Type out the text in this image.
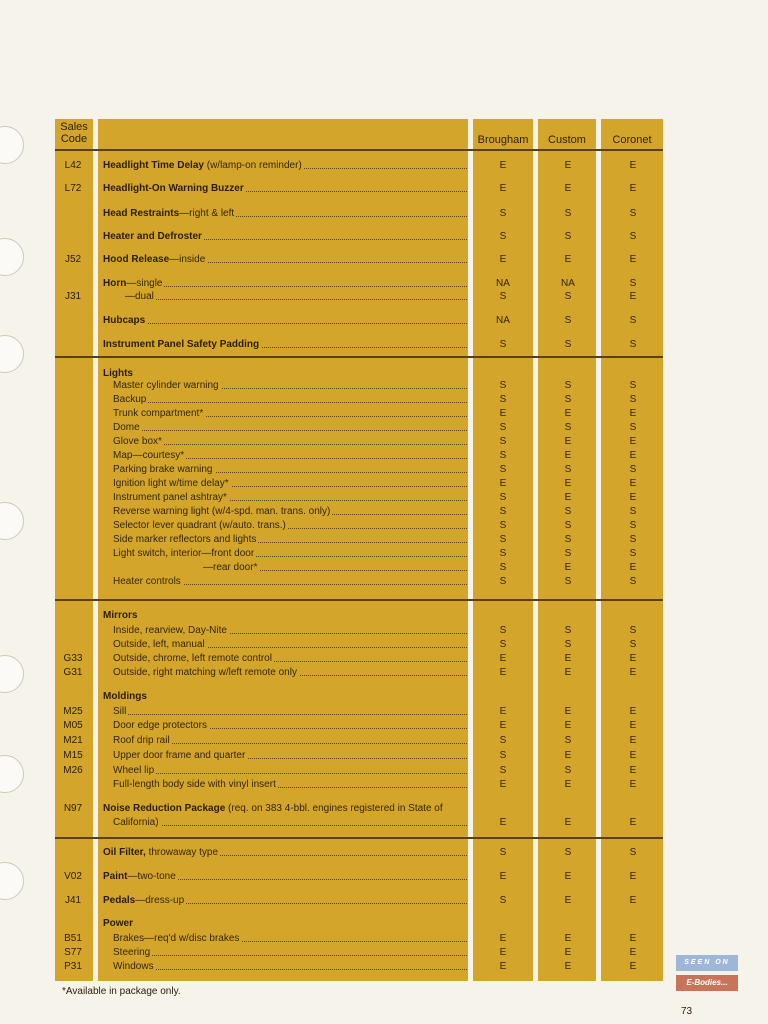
Sales
Code	Brougham	Custom	Coronet
L42	Headlight Time Delay (w/lamp-on reminder)	E	E	E
L72	Headlight-On Warning Buzzer	E	E	E
Head Restraints—right & left	S	S	S
Heater and Defroster	S	S	S
J52	Hood Release—inside	E	E	E
Horn—single	NA	NA	S
J31	—dual	S	S	E
Hubcaps	NA	S	S
Instrument Panel Safety Padding	S	S	S
Lights
Master cylinder warning	S	S	S
Backup	S	S	S
Trunk compartment*	E	E	E
Dome	S	S	S
Glove box*	S	E	E
Map—courtesy*	S	E	E
Parking brake warning	S	S	S
Ignition light w/time delay*	E	E	E
Instrument panel ashtray*	S	E	E
Reverse warning light (w/4-spd. man. trans. only)	S	S	S
Selector lever quadrant (w/auto. trans.)	S	S	S
Side marker reflectors and lights	S	S	S
Light switch, interior—front door	S	S	S
—rear door*	S	E	E
Heater controls	S	S	S
Mirrors
Inside, rearview, Day-Nite	S	S	S
Outside, left, manual	S	S	S
G33	Outside, chrome, left remote control	E	E	E
G31	Outside, right matching w/left remote only	E	E	E
Moldings
M25	Sill	E	E	E
M05	Door edge protectors	E	E	E
M21	Roof drip rail	S	S	E
M15	Upper door frame and quarter	S	E	E
M26	Wheel lip	S	S	E
Full-length body side with vinyl insert	E	E	E
N97	Noise Reduction Package (req. on 383 4-bbl. engines registered in State of
California)	E	E	E
Oil Filter, throwaway type	S	S	S
V02	Paint—two-tone	E	E	E
J41	Pedals—dress-up	S	E	E
Power
B51	Brakes—req'd w/disc brakes	E	E	E
S77	Steering	E	E	E
P31	Windows	E	E	E
*Available in package only.
73
SEEN ON
E-Bodies...
